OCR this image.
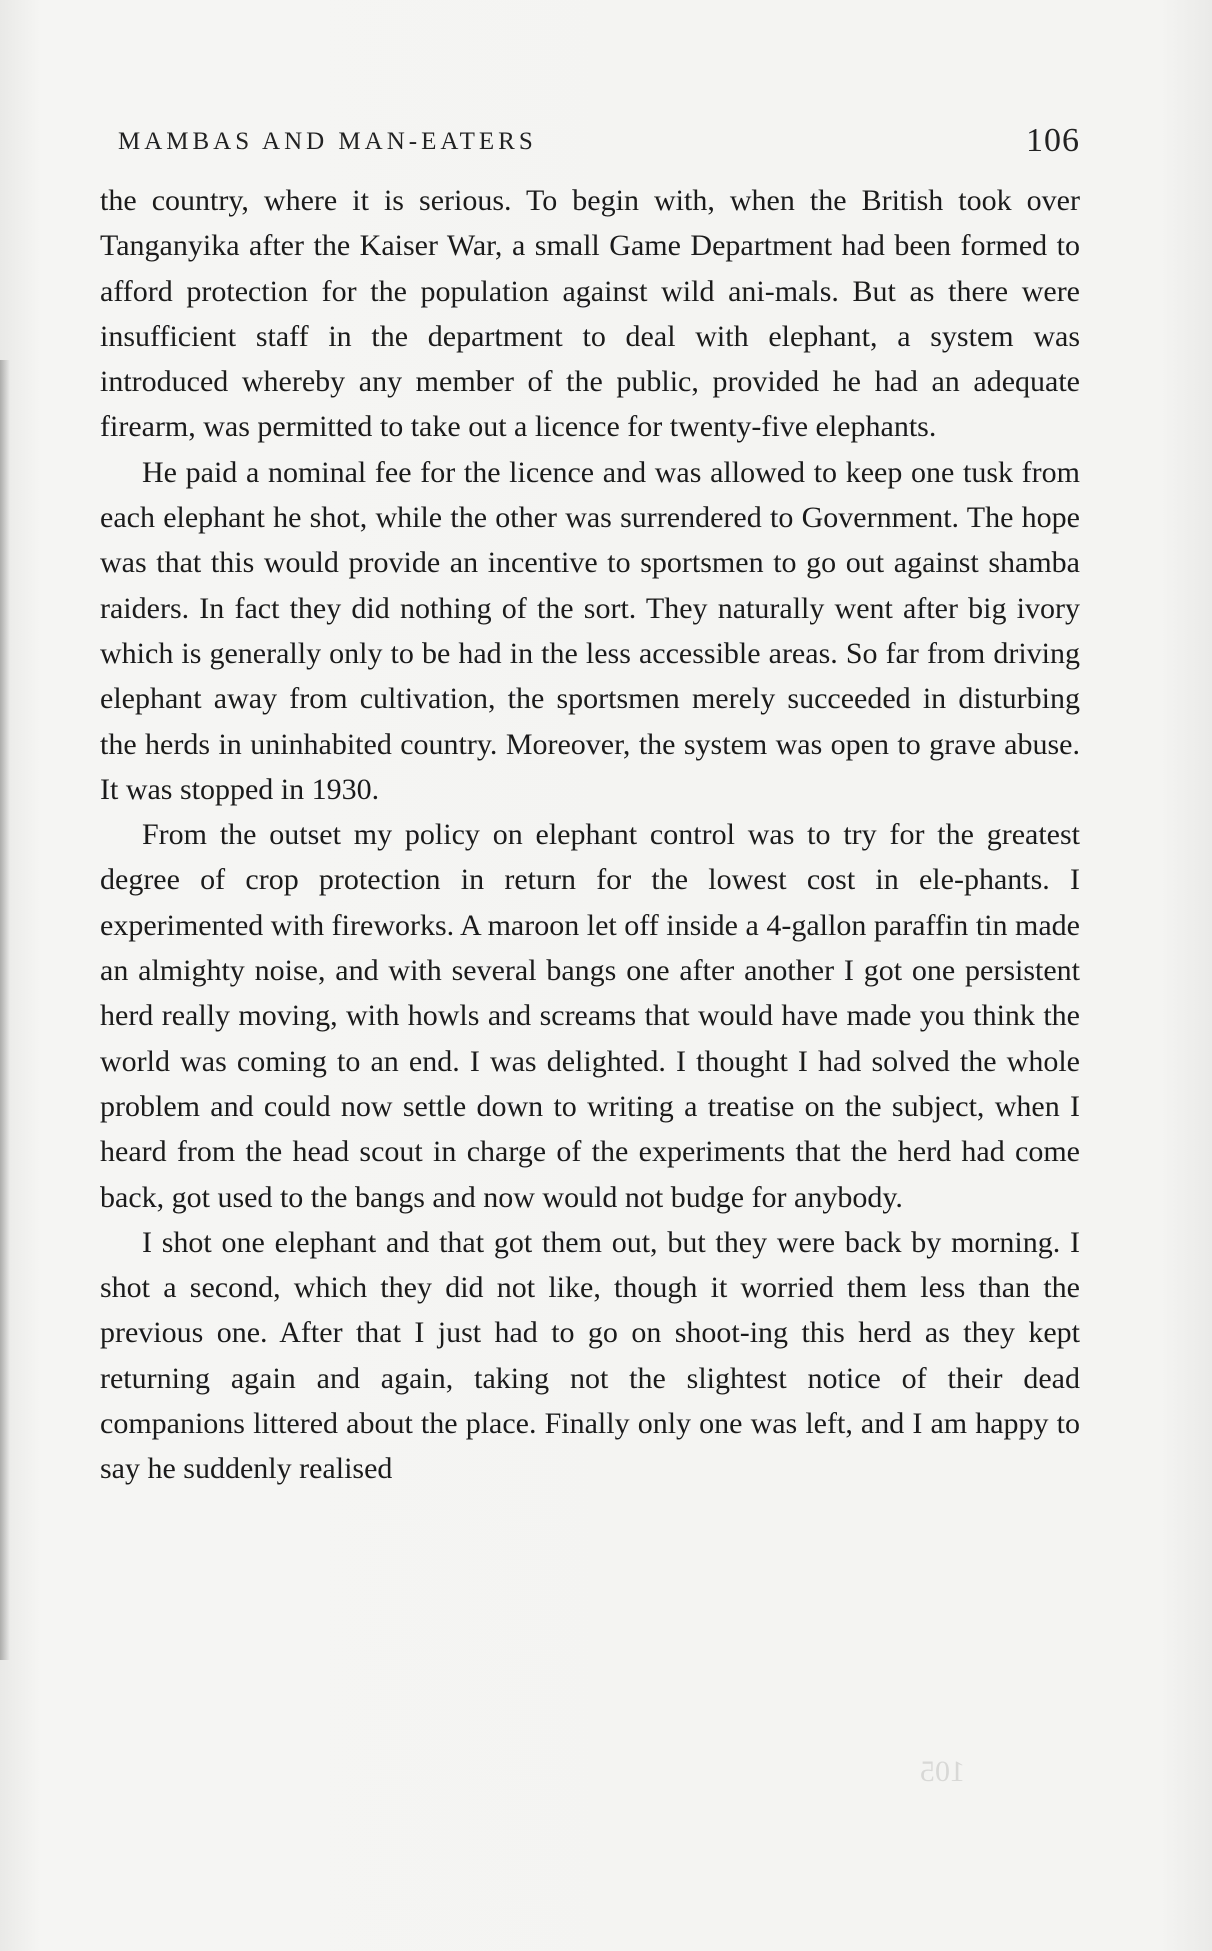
MAMBAS AND MAN-EATERS	106

the country, where it is serious. To begin with, when the British took over Tanganyika after the Kaiser War, a small Game Department had been formed to afford protection for the population against wild ani-mals. But as there were insufficient staff in the department to deal with elephant, a system was introduced whereby any member of the public, provided he had an adequate firearm, was permitted to take out a licence for twenty-five elephants.

He paid a nominal fee for the licence and was allowed to keep one tusk from each elephant he shot, while the other was surrendered to Government. The hope was that this would provide an incentive to sportsmen to go out against shamba raiders. In fact they did nothing of the sort. They naturally went after big ivory which is generally only to be had in the less accessible areas. So far from driving elephant away from cultivation, the sportsmen merely succeeded in disturbing the herds in uninhabited country. Moreover, the system was open to grave abuse. It was stopped in 1930.

From the outset my policy on elephant control was to try for the greatest degree of crop protection in return for the lowest cost in ele-phants. I experimented with fireworks. A maroon let off inside a 4-gallon paraffin tin made an almighty noise, and with several bangs one after another I got one persistent herd really moving, with howls and screams that would have made you think the world was coming to an end. I was delighted. I thought I had solved the whole problem and could now settle down to writing a treatise on the subject, when I heard from the head scout in charge of the experiments that the herd had come back, got used to the bangs and now would not budge for anybody.

I shot one elephant and that got them out, but they were back by morning. I shot a second, which they did not like, though it worried them less than the previous one. After that I just had to go on shoot-ing this herd as they kept returning again and again, taking not the slightest notice of their dead companions littered about the place. Finally only one was left, and I am happy to say he suddenly realised

105
